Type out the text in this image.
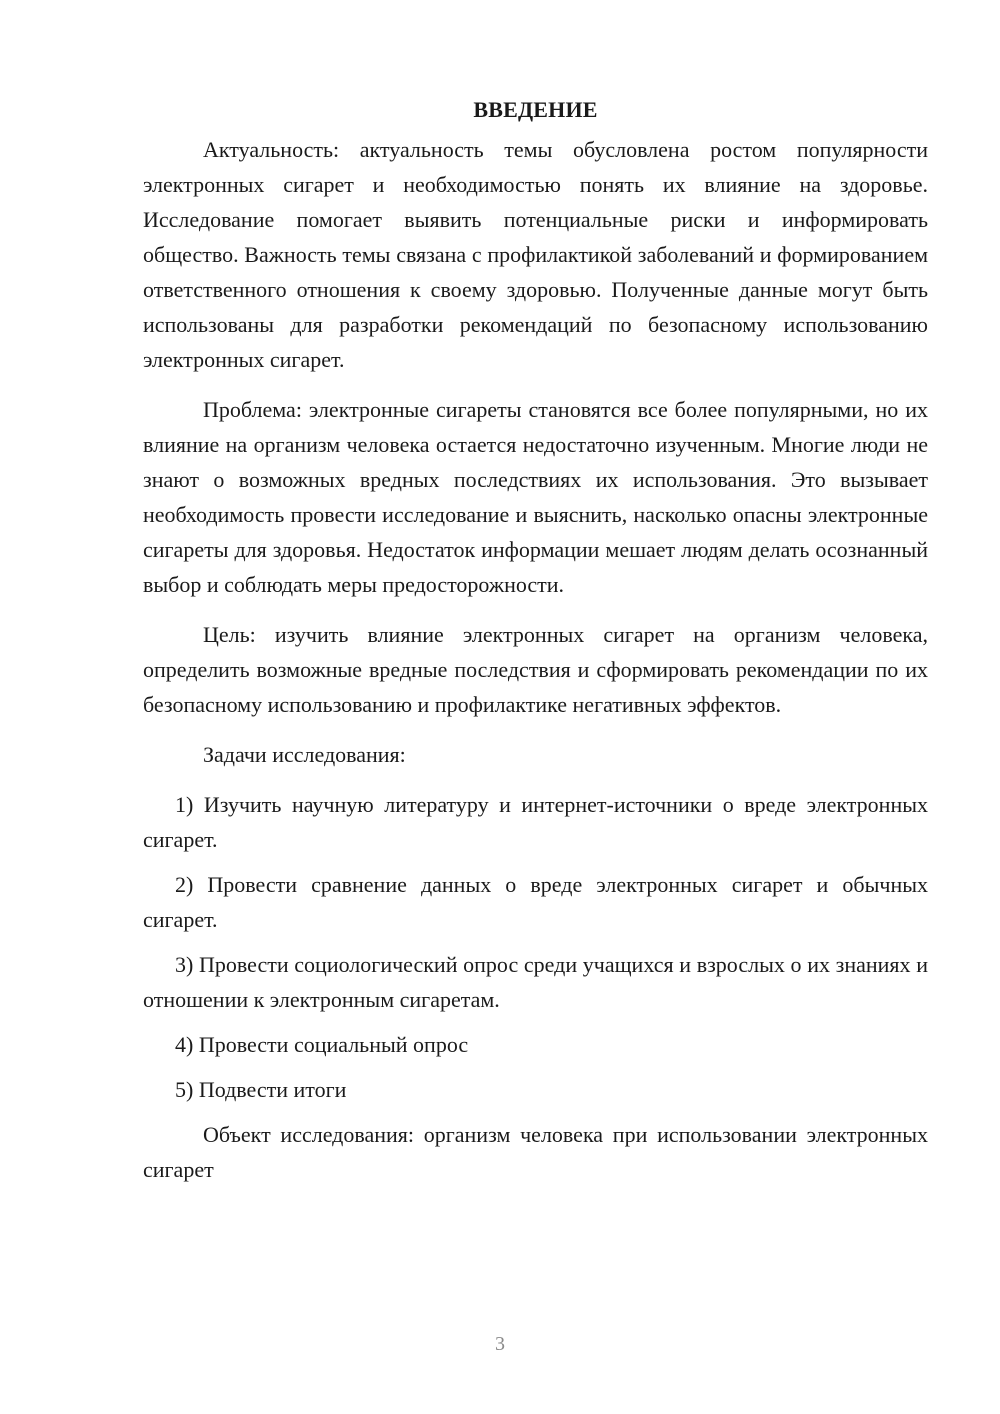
ВВЕДЕНИЕ

Актуальность: актуальность темы обусловлена ростом популярности электронных сигарет и необходимостью понять их влияние на здоровье. Исследование помогает выявить потенциальные риски и информировать общество. Важность темы связана с профилактикой заболеваний и формированием ответственного отношения к своему здоровью. Полученные данные могут быть использованы для разработки рекомендаций по безопасному использованию электронных сигарет.

Проблема: электронные сигареты становятся все более популярными, но их влияние на организм человека остается недостаточно изученным. Многие люди не знают о возможных вредных последствиях их использования. Это вызывает необходимость провести исследование и выяснить, насколько опасны электронные сигареты для здоровья. Недостаток информации мешает людям делать осознанный выбор и соблюдать меры предосторожности.

Цель: изучить влияние электронных сигарет на организм человека, определить возможные вредные последствия и сформировать рекомендации по их безопасному использованию и профилактике негативных эффектов.

Задачи исследования:

1) Изучить научную литературу и интернет-источники о вреде электронных сигарет.

2) Провести сравнение данных о вреде электронных сигарет и обычных сигарет.

3) Провести социологический опрос среди учащихся и взрослых о их знаниях и отношении к электронным сигаретам.

4) Провести социальный опрос

5) Подвести итоги

Объект исследования: организм человека при использовании электронных сигарет

3
